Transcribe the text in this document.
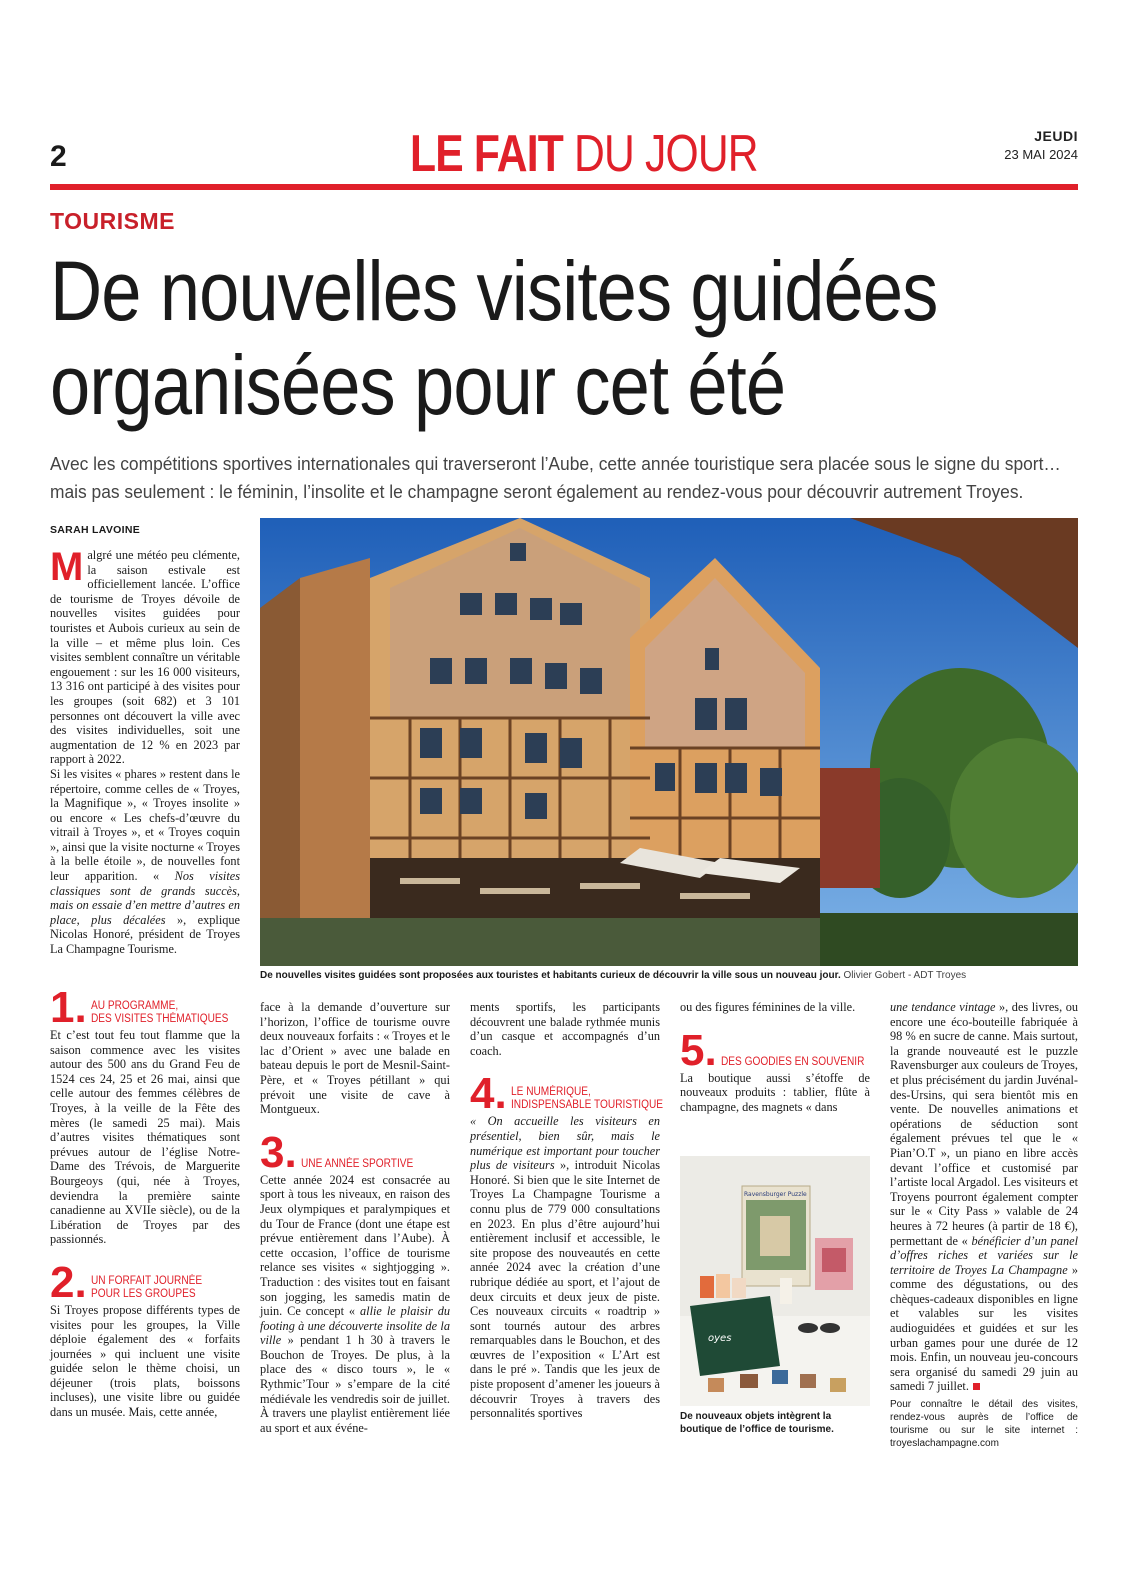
2	LE FAIT DU JOUR	JEUDI
23 MAI 2024
TOURISME
De nouvelles visites guidées
organisées pour cet été
Avec les compétitions sportives internationales qui traverseront l’Aube, cette année touristique sera placée sous le signe du sport…
mais pas seulement : le féminin, l’insolite et le champagne seront également au rendez-vous pour découvrir autrement Troyes.
SARAH LAVOINE

Malgré une météo peu clémente, la saison estivale est officiellement lancée. L’office de tourisme de Troyes dévoile de nouvelles visites guidées pour touristes et Aubois curieux au sein de la ville – et même plus loin. Ces visites semblent connaître un véritable engouement : sur les 16 000 visiteurs, 13 316 ont participé à des visites pour les groupes (soit 682) et 3 101 personnes ont découvert la ville avec des visites individuelles, soit une augmentation de 12 % en 2023 par rapport à 2022.

Si les visites « phares » restent dans le répertoire, comme celles de « Troyes, la Magnifique », « Troyes insolite » ou encore « Les chefs-d’œuvre du vitrail à Troyes », et « Troyes coquin », ainsi que la visite nocturne « Troyes à la belle étoile », de nouvelles font leur apparition. « Nos visites classiques sont de grands succès, mais on essaie d’en mettre d’autres en place, plus décalées », explique Nicolas Honoré, président de Troyes La Champagne Tourisme.

De nouvelles visites guidées sont proposées aux touristes et habitants curieux de découvrir la ville sous un nouveau jour. Olivier Gobert - ADT Troyes
1. AU PROGRAMME,
DES VISITES THÉMATIQUES

Et c’est tout feu tout flamme que la saison commence avec les visites autour des 500 ans du Grand Feu de 1524 ces 24, 25 et 26 mai, ainsi que celle autour des femmes célèbres de Troyes, à la veille de la Fête des mères (le samedi 25 mai). Mais d’autres visites thématiques sont prévues autour de l’église Notre-Dame des Trévois, de Marguerite Bourgeoys (qui, née à Troyes, deviendra la première sainte canadienne au XVIIe siècle), ou de la Libération de Troyes par des passionnés.

2. UN FORFAIT JOURNÉE
POUR LES GROUPES

Si Troyes propose différents types de visites pour les groupes, la Ville déploie également des « forfaits journées » qui incluent une visite guidée selon le thème choisi, un déjeuner (trois plats, boissons incluses), une visite libre ou guidée dans un musée. Mais, cette année,

face à la demande d’ouverture sur l’horizon, l’office de tourisme ouvre deux nouveaux forfaits : « Troyes et le lac d’Orient » avec une balade en bateau depuis le port de Mesnil-Saint-Père, et « Troyes pétillant » qui prévoit une visite de cave à Montgueux.

3. UNE ANNÉE SPORTIVE

Cette année 2024 est consacrée au sport à tous les niveaux, en raison des Jeux olympiques et paralympiques et du Tour de France (dont une étape est prévue entièrement dans l’Aube). À cette occasion, l’office de tourisme relance ses visites « sightjogging ». Traduction : des visites tout en faisant son jogging, les samedis matin de juin. Ce concept « allie le plaisir du footing à une découverte insolite de la ville » pendant 1 h 30 à travers le Bouchon de Troyes. De plus, à la place des « disco tours », le « Rythmic’Tour » s’empare de la cité médiévale les vendredis soir de juillet. À travers une playlist entièrement liée au sport et aux événe-

ments sportifs, les participants découvrent une balade rythmée munis d’un casque et accompagnés d’un coach.

4. LE NUMÉRIQUE,
INDISPENSABLE TOURISTIQUE

« On accueille les visiteurs en présentiel, bien sûr, mais le numérique est important pour toucher plus de visiteurs », introduit Nicolas Honoré. Si bien que le site Internet de Troyes La Champagne Tourisme a connu plus de 779 000 consultations en 2023. En plus d’être aujourd’hui entièrement inclusif et accessible, le site propose des nouveautés en cette année 2024 avec la création d’une rubrique dédiée au sport, et l’ajout de deux circuits et deux jeux de piste. Ces nouveaux circuits « roadtrip » sont tournés autour des arbres remarquables dans le Bouchon, et des œuvres de l’exposition « L’Art est dans le pré ». Tandis que les jeux de piste proposent d’amener les joueurs à découvrir Troyes à travers des personnalités sportives

ou des figures féminines de la ville.

5. DES GOODIES EN SOUVENIR

La boutique aussi s’étoffe de nouveaux produits : tablier, flûte à champagne, des magnets « dans

Ravensburger Puzzle
oyes
De nouveaux objets intègrent la boutique de l’office de tourisme.

une tendance vintage », des livres, ou encore une éco-bouteille fabriquée à 98 % en sucre de canne. Mais surtout, la grande nouveauté est le puzzle Ravensburger aux couleurs de Troyes, et plus précisément du jardin Juvénal-des-Ursins, qui sera bientôt mis en vente. De nouvelles animations et opérations de séduction sont également prévues tel que le « Pian’O.T », un piano en libre accès devant l’office et customisé par l’artiste local Argadol. Les visiteurs et Troyens pourront également compter sur le « City Pass » valable de 24 heures à 72 heures (à partir de 18 €), permettant de « bénéficier d’un panel d’offres riches et variées sur le territoire de Troyes La Champagne » comme des dégustations, ou des chèques-cadeaux disponibles en ligne et valables sur les visites audioguidées et guidées et sur les urban games pour une durée de 12 mois. Enfin, un nouveau jeu-concours sera organisé du samedi 29 juin au samedi 7 juillet.

Pour connaître le détail des visites, rendez-vous auprès de l’office de tourisme ou sur le site internet : troyeslachampagne.com
